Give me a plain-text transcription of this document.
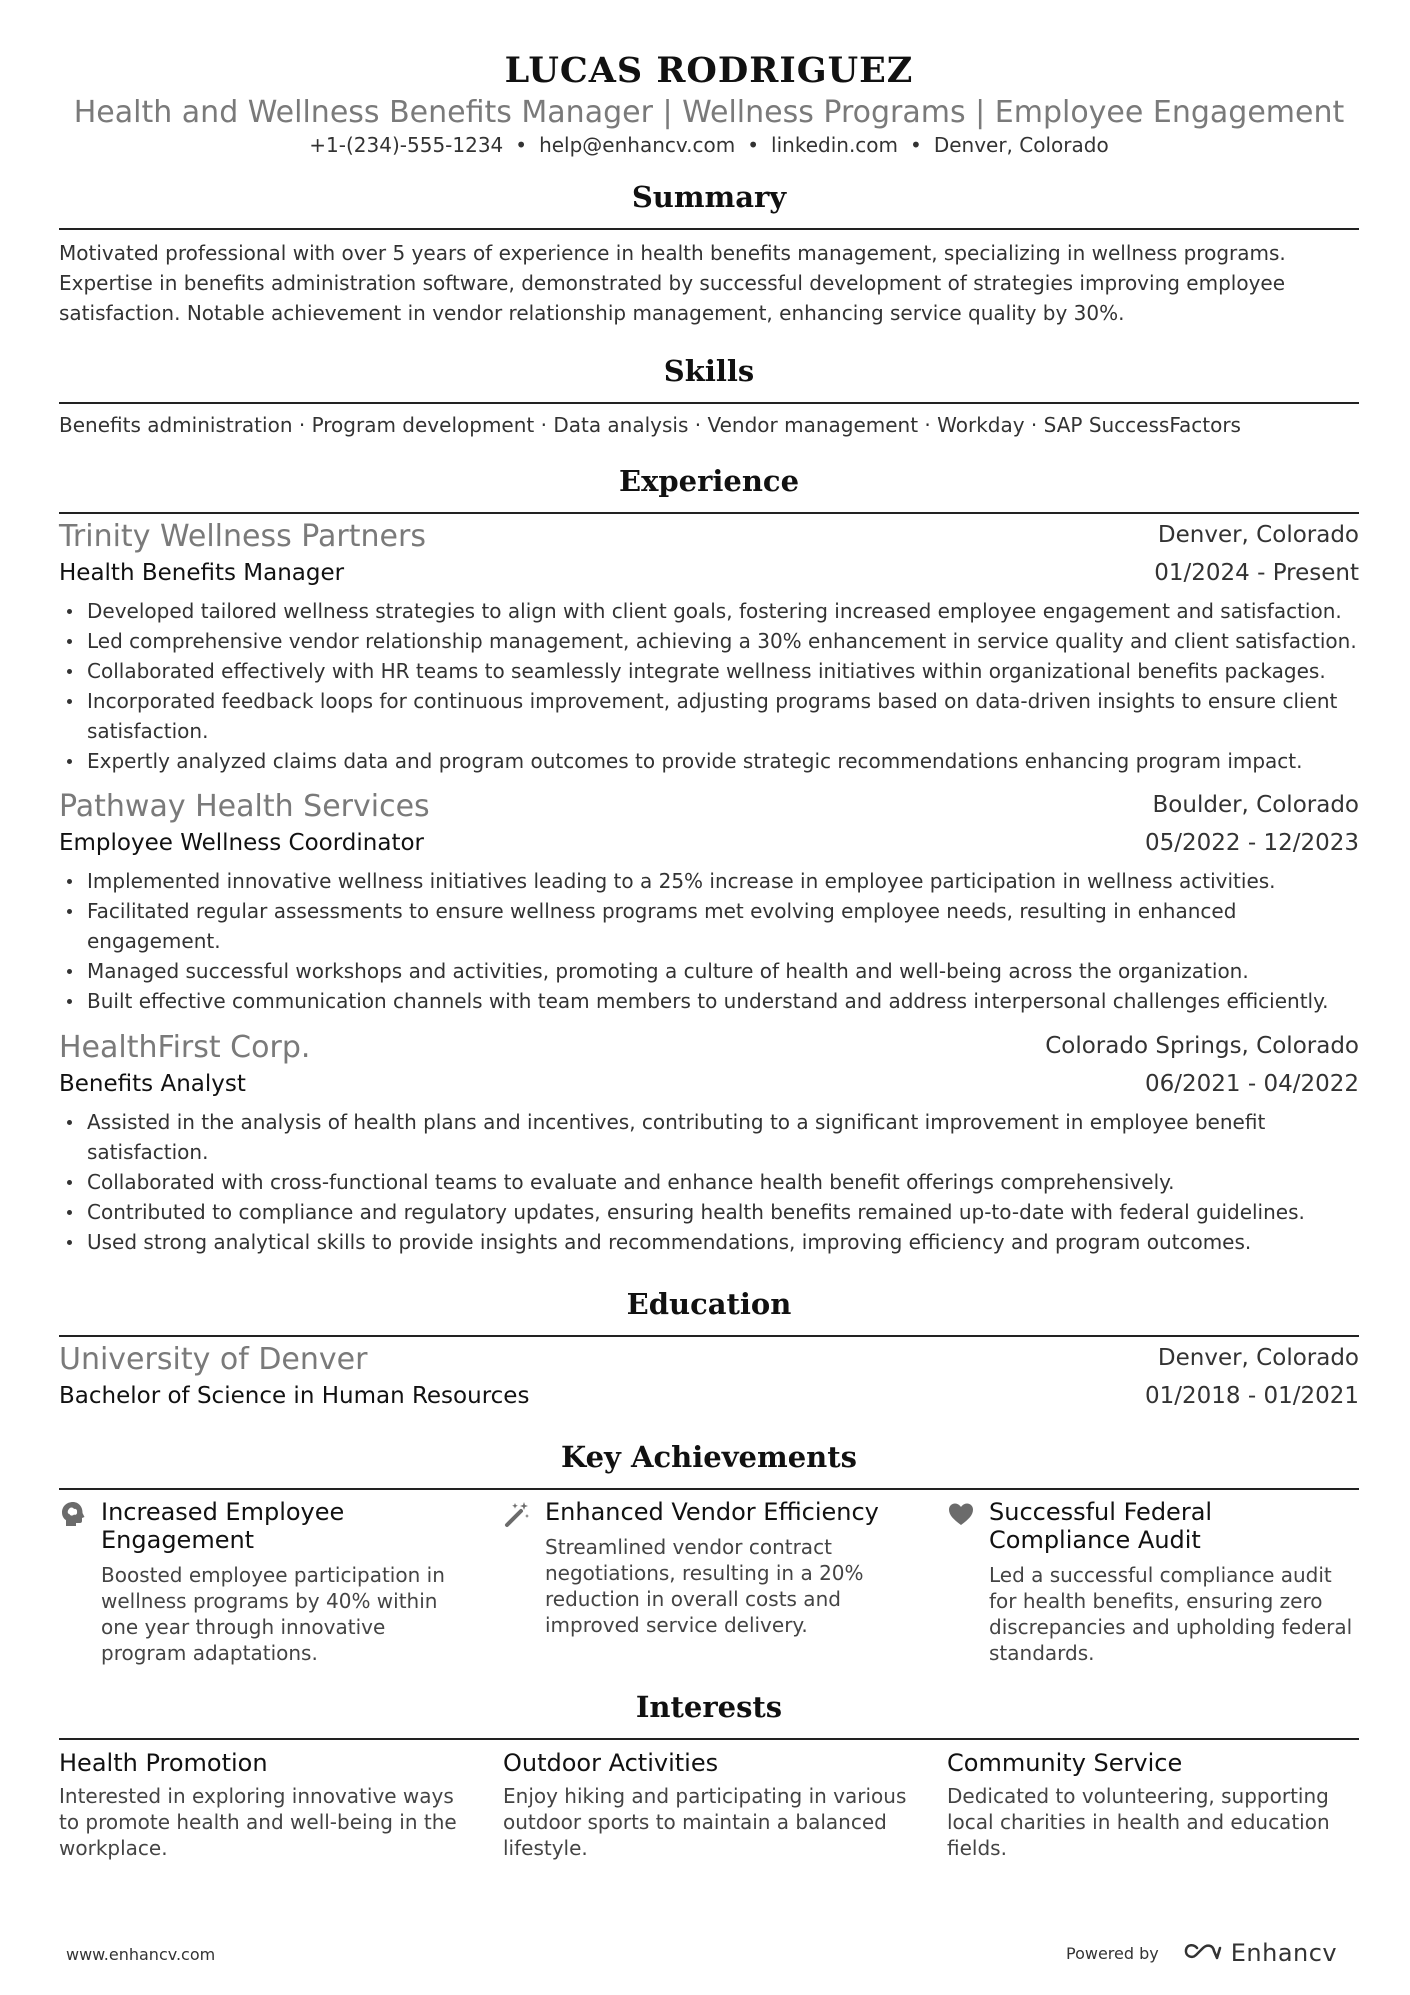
LUCAS RODRIGUEZ
Health and Wellness Benefits Manager | Wellness Programs | Employee Engagement
+1-(234)-555-1234 • help@enhancv.com • linkedin.com • Denver, Colorado
Summary
Motivated professional with over 5 years of experience in health benefits management, specializing in wellness programs. Expertise in benefits administration software, demonstrated by successful development of strategies improving employee satisfaction. Notable achievement in vendor relationship management, enhancing service quality by 30%.
Skills
Benefits administration · Program development · Data analysis · Vendor management · Workday · SAP SuccessFactors
Experience
Trinity Wellness Partners	Denver, Colorado
Health Benefits Manager	01/2024 - Present
Developed tailored wellness strategies to align with client goals, fostering increased employee engagement and satisfaction.
Led comprehensive vendor relationship management, achieving a 30% enhancement in service quality and client satisfaction.
Collaborated effectively with HR teams to seamlessly integrate wellness initiatives within organizational benefits packages.
Incorporated feedback loops for continuous improvement, adjusting programs based on data-driven insights to ensure client satisfaction.
Expertly analyzed claims data and program outcomes to provide strategic recommendations enhancing program impact.
Pathway Health Services	Boulder, Colorado
Employee Wellness Coordinator	05/2022 - 12/2023
Implemented innovative wellness initiatives leading to a 25% increase in employee participation in wellness activities.
Facilitated regular assessments to ensure wellness programs met evolving employee needs, resulting in enhanced engagement.
Managed successful workshops and activities, promoting a culture of health and well-being across the organization.
Built effective communication channels with team members to understand and address interpersonal challenges efficiently.
HealthFirst Corp.	Colorado Springs, Colorado
Benefits Analyst	06/2021 - 04/2022
Assisted in the analysis of health plans and incentives, contributing to a significant improvement in employee benefit satisfaction.
Collaborated with cross-functional teams to evaluate and enhance health benefit offerings comprehensively.
Contributed to compliance and regulatory updates, ensuring health benefits remained up-to-date with federal guidelines.
Used strong analytical skills to provide insights and recommendations, improving efficiency and program outcomes.
Education
University of Denver	Denver, Colorado
Bachelor of Science in Human Resources	01/2018 - 01/2021
Key Achievements
Increased Employee Engagement
Boosted employee participation in wellness programs by 40% within one year through innovative program adaptations.
Enhanced Vendor Efficiency
Streamlined vendor contract negotiations, resulting in a 20% reduction in overall costs and improved service delivery.
Successful Federal Compliance Audit
Led a successful compliance audit for health benefits, ensuring zero discrepancies and upholding federal standards.
Interests
Health Promotion
Interested in exploring innovative ways to promote health and well-being in the workplace.
Outdoor Activities
Enjoy hiking and participating in various outdoor sports to maintain a balanced lifestyle.
Community Service
Dedicated to volunteering, supporting local charities in health and education fields.
www.enhancv.com	Powered by	Enhancv
